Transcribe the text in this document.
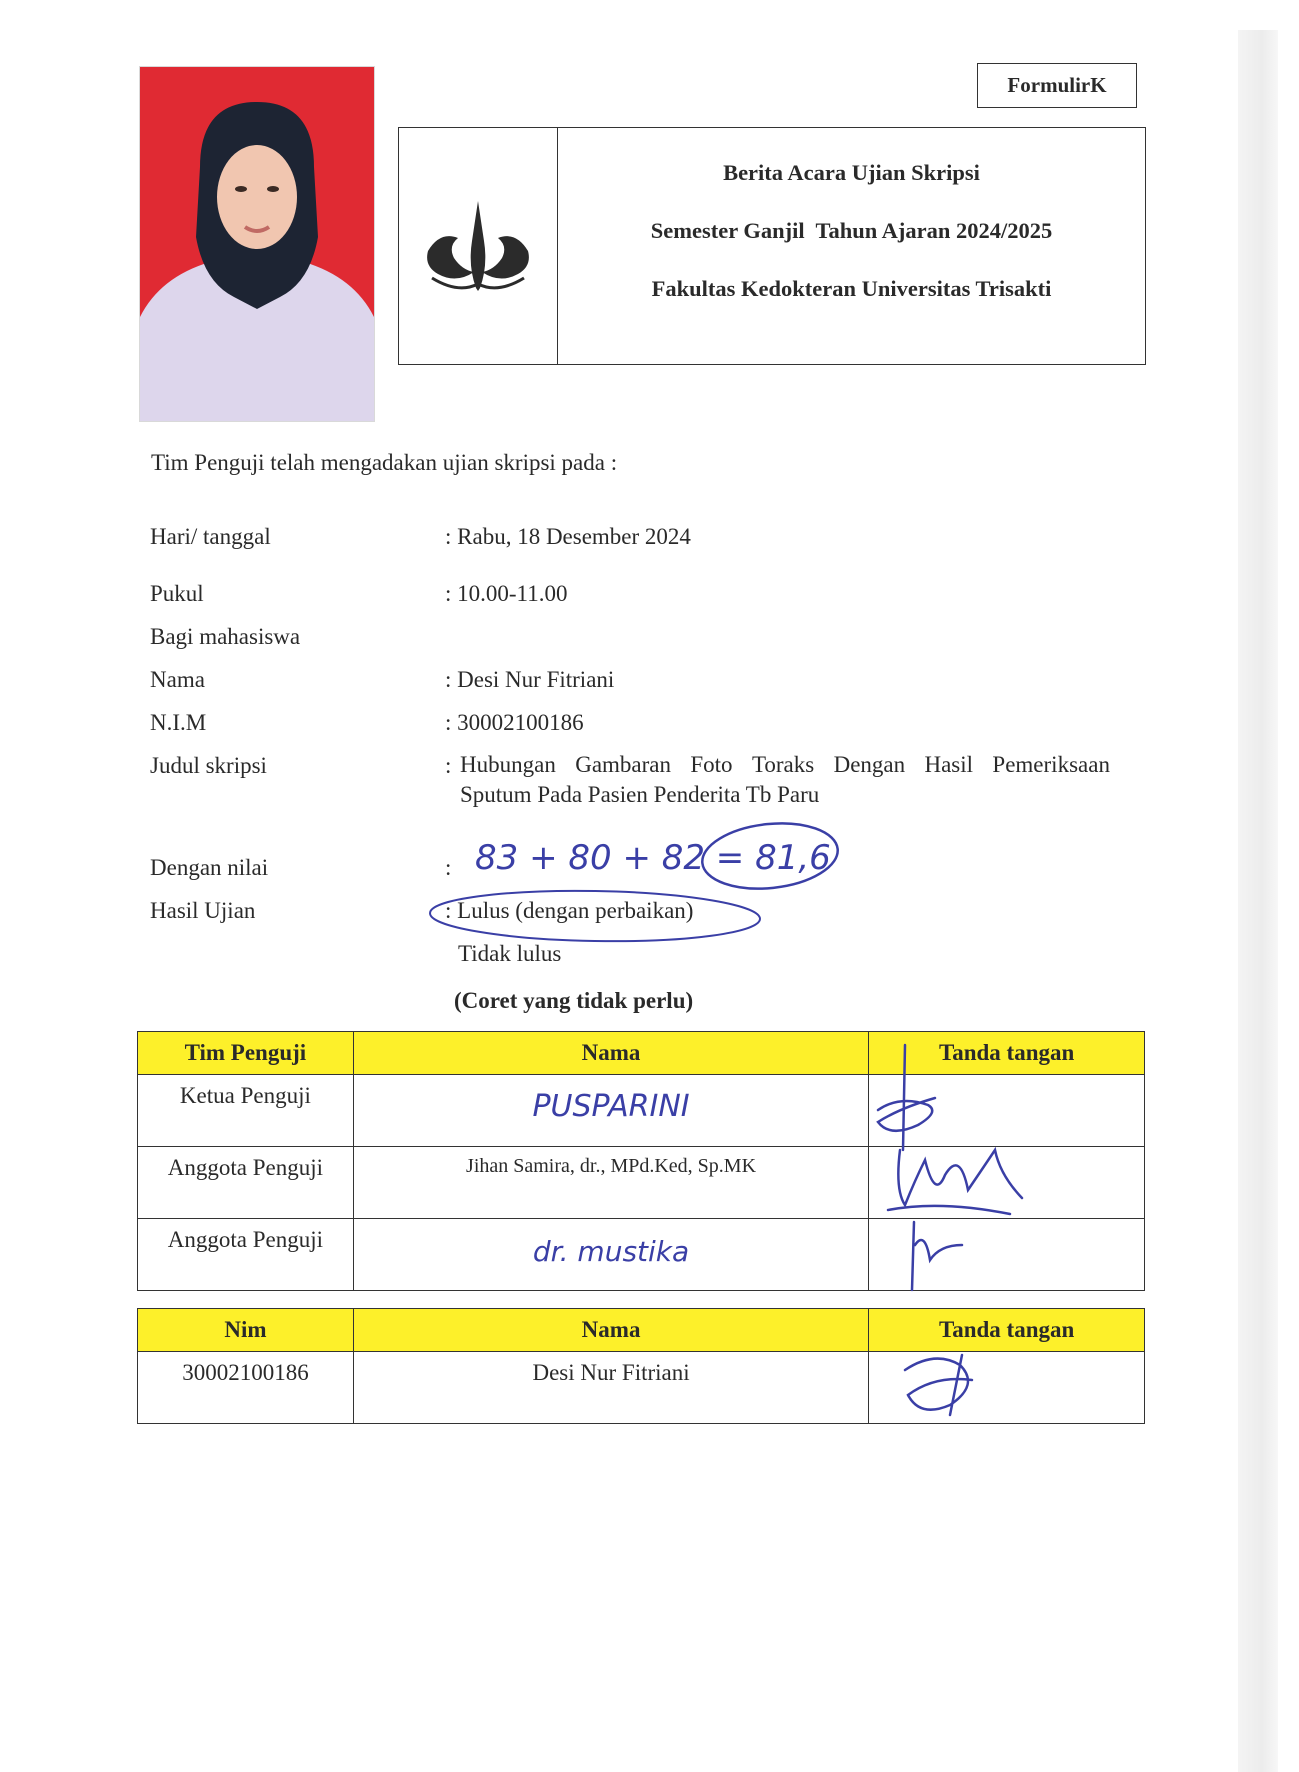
FormulirK
Berita Acara Ujian Skripsi
Semester Ganjil  Tahun Ajaran 2024/2025
Fakultas Kedokteran Universitas Trisakti
Tim Penguji telah mengadakan ujian skripsi pada :
Hari/ tanggal	: Rabu, 18 Desember 2024
Pukul	: 10.00-11.00
Bagi mahasiswa
Nama	: Desi Nur Fitriani
N.I.M	: 30002100186
Judul skripsi	: Hubungan Gambaran Foto Toraks Dengan Hasil Pemeriksaan
Sputum Pada Pasien Penderita Tb Paru
Dengan nilai	: 83 + 80 + 82 = 81,6
Hasil Ujian	: Lulus (dengan perbaikan)
Tidak lulus
(Coret yang tidak perlu)
Tim Penguji	Nama	Tanda tangan
Ketua Penguji	PUSPARINI	
Anggota Penguji	Jihan Samira, dr., MPd.Ked, Sp.MK	
Anggota Penguji	dr. mustika	
Nim	Nama	Tanda tangan
30002100186	Desi Nur Fitriani	
